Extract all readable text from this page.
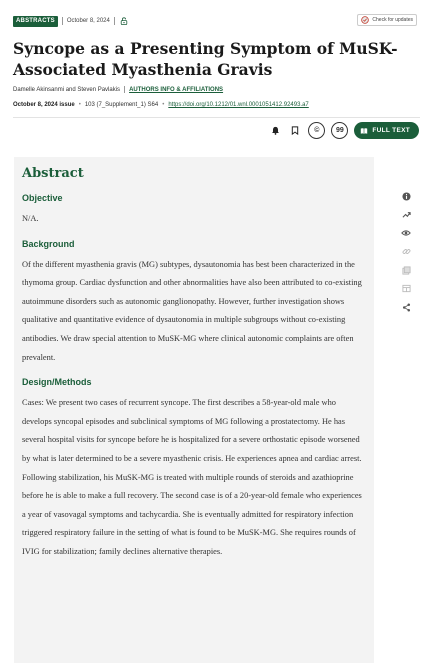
ABSTRACTS	October 8, 2024	Check for updates
Syncope as a Presenting Symptom of MuSK-Associated Myasthenia Gravis
Damelle Akinsanmi and Steven Pavlakis AUTHORS INFO & AFFILIATIONS
October 8, 2024 issue • 103 (7_Supplement_1) S64 • https://doi.org/10.1212/01.wnl.0001051412.92493.a7
© 99	FULL TEXT
Abstract
Objective

N/A.

Background

Of the different myasthenia gravis (MG) subtypes, dysautonomia has best been characterized in the thymoma group. Cardiac dysfunction and other abnormalities have also been attributed to co-existing autoimmune disorders such as autonomic ganglionopathy. However, further investigation shows qualitative and quantitative evidence of dysautonomia in multiple subgroups without co-existing antibodies. We draw special attention to MuSK-MG where clinical autonomic complaints are often prevalent.

Design/Methods

Cases: We present two cases of recurrent syncope. The first describes a 58-year-old male who develops syncopal episodes and subclinical symptoms of MG following a prostatectomy. He has several hospital visits for syncope before he is hospitalized for a severe orthostatic episode worsened by what is later determined to be a severe myasthenic crisis. He experiences apnea and cardiac arrest. Following stabilization, his MuSK-MG is treated with multiple rounds of steroids and azathioprine before he is able to make a full recovery. The second case is of a 20-year-old female who experiences a year of vasovagal symptoms and tachycardia. She is eventually admitted for respiratory infection triggered respiratory failure in the setting of what is found to be MuSK-MG. She requires rounds of IVIG for stabilization; family declines alternative therapies.
